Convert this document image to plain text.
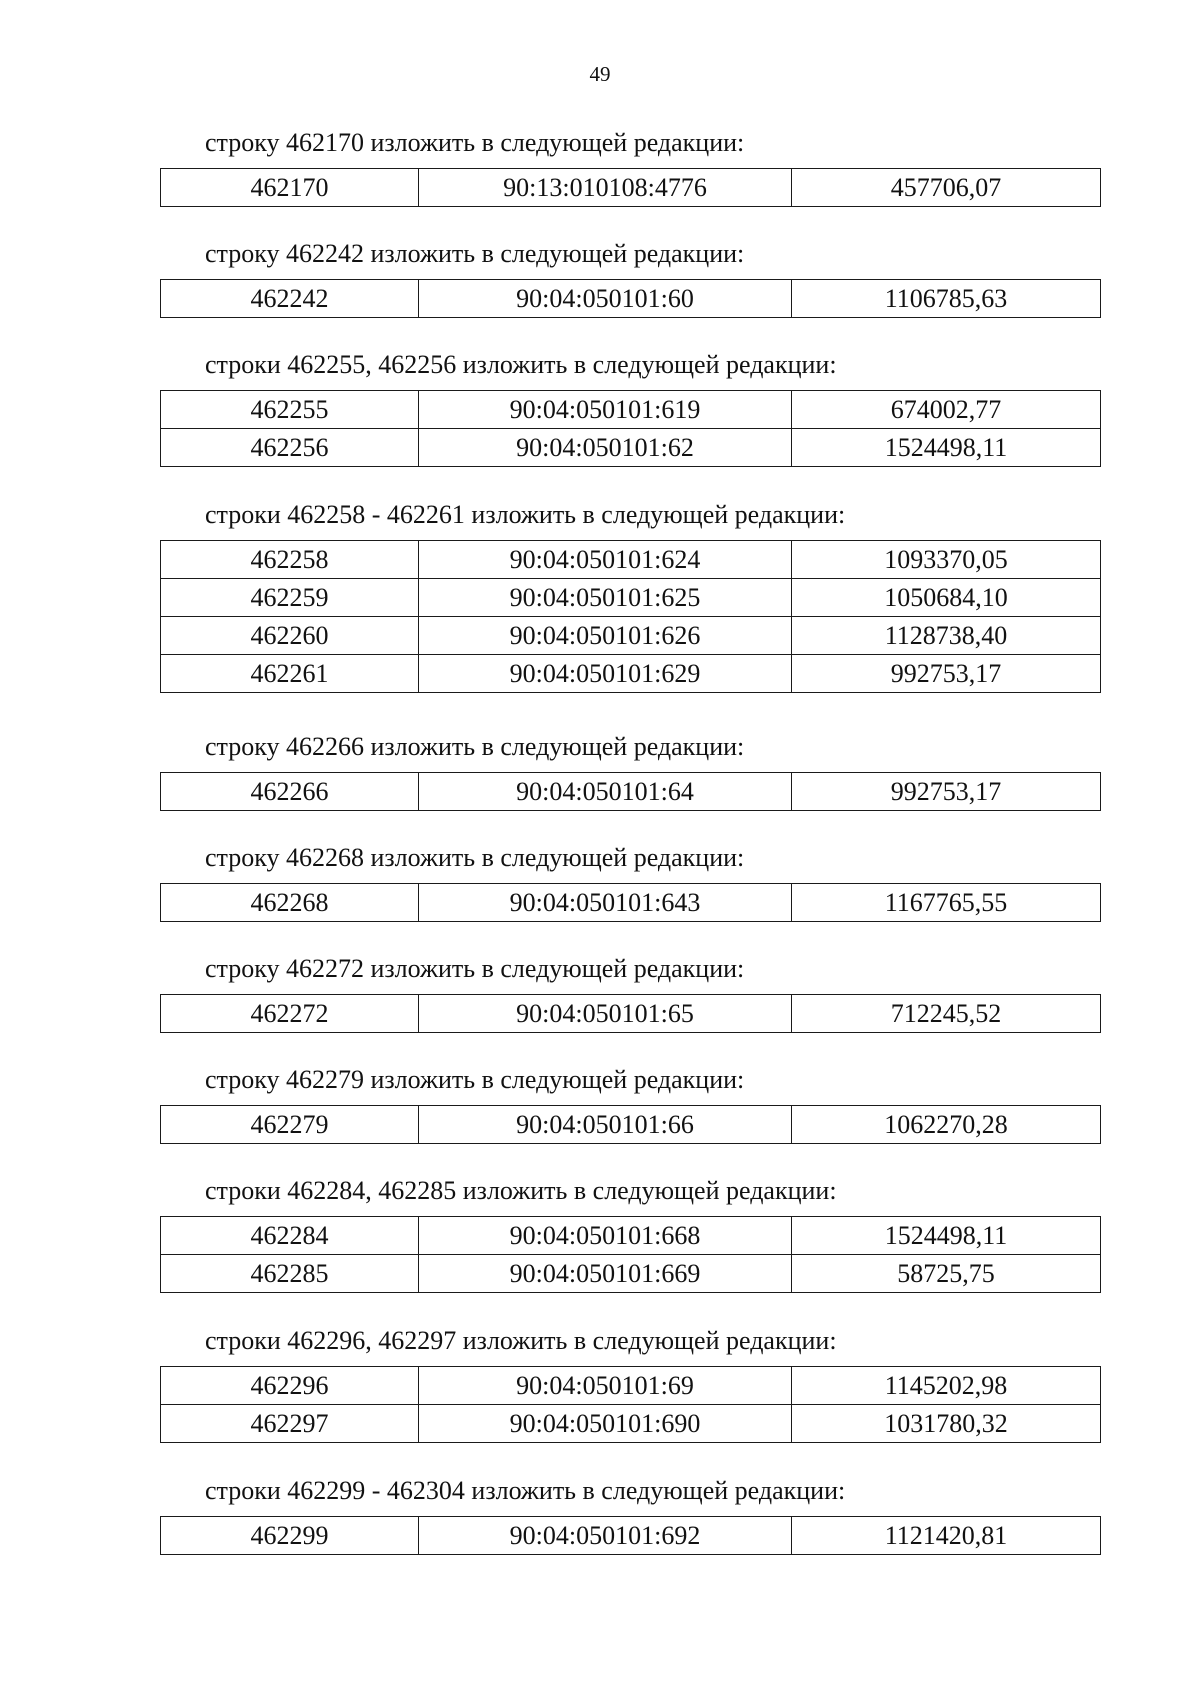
49
строку 462170 изложить в следующей редакции:
462170	90:13:010108:4776	457706,07
строку 462242 изложить в следующей редакции:
462242	90:04:050101:60	1106785,63
строки 462255, 462256 изложить в следующей редакции:
462255	90:04:050101:619	674002,77
462256	90:04:050101:62	1524498,11
строки 462258 - 462261 изложить в следующей редакции:
462258	90:04:050101:624	1093370,05
462259	90:04:050101:625	1050684,10
462260	90:04:050101:626	1128738,40
462261	90:04:050101:629	992753,17
строку 462266 изложить в следующей редакции:
462266	90:04:050101:64	992753,17
строку 462268 изложить в следующей редакции:
462268	90:04:050101:643	1167765,55
строку 462272 изложить в следующей редакции:
462272	90:04:050101:65	712245,52
строку 462279 изложить в следующей редакции:
462279	90:04:050101:66	1062270,28
строки 462284, 462285 изложить в следующей редакции:
462284	90:04:050101:668	1524498,11
462285	90:04:050101:669	58725,75
строки 462296, 462297 изложить в следующей редакции:
462296	90:04:050101:69	1145202,98
462297	90:04:050101:690	1031780,32
строки 462299 - 462304 изложить в следующей редакции:
462299	90:04:050101:692	1121420,81
